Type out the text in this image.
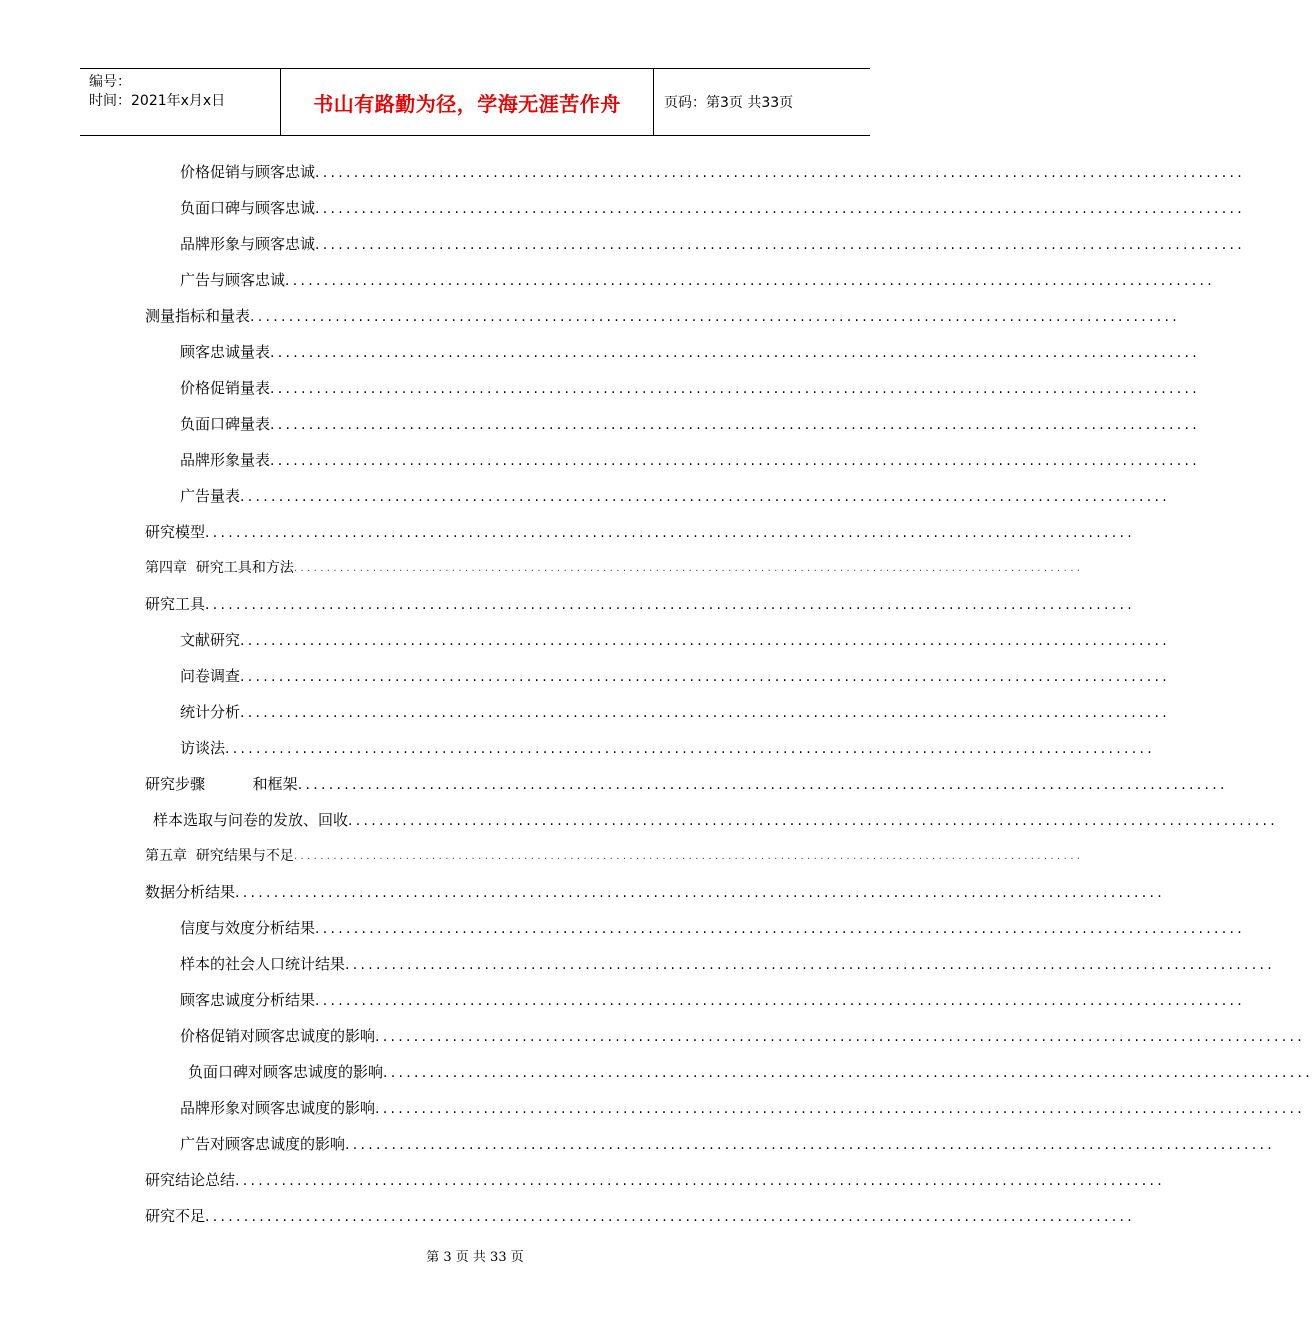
编号：
时间：2021年x月x日	书山有路勤为径，学海无涯苦作舟	页码：第3页 共33页
价格促销与顾客忠诚 ........................................................................................................................
负面口碑与顾客忠诚 ........................................................................................................................
品牌形象与顾客忠诚 ........................................................................................................................
广告与顾客忠诚 ........................................................................................................................
测量指标和量表 ........................................................................................................................
顾客忠诚量表 ........................................................................................................................
价格促销量表 ........................................................................................................................
负面口碑量表 ........................................................................................................................
品牌形象量表 ........................................................................................................................
广告量表 ........................................................................................................................
研究模型 ........................................................................................................................
第四章  研究工具和方法 ........................................................................................................................
研究工具 ........................................................................................................................
文献研究 ........................................................................................................................
问卷调查 ........................................................................................................................
统计分析 ........................................................................................................................
访谈法 ........................................................................................................................
研究步骤          和框架 ........................................................................................................................
样本选取与问卷的发放、回收 ........................................................................................................................
第五章  研究结果与不足 ........................................................................................................................
数据分析结果 ........................................................................................................................
信度与效度分析结果 ........................................................................................................................
样本的社会人口统计结果 ........................................................................................................................
顾客忠诚度分析结果 ........................................................................................................................
价格促销对顾客忠诚度的影响 ........................................................................................................................
负面口碑对顾客忠诚度的影响 ........................................................................................................................
品牌形象对顾客忠诚度的影响 ........................................................................................................................
广告对顾客忠诚度的影响 ........................................................................................................................
研究结论总结 ........................................................................................................................
研究不足 ........................................................................................................................
第 3 页 共 33 页
